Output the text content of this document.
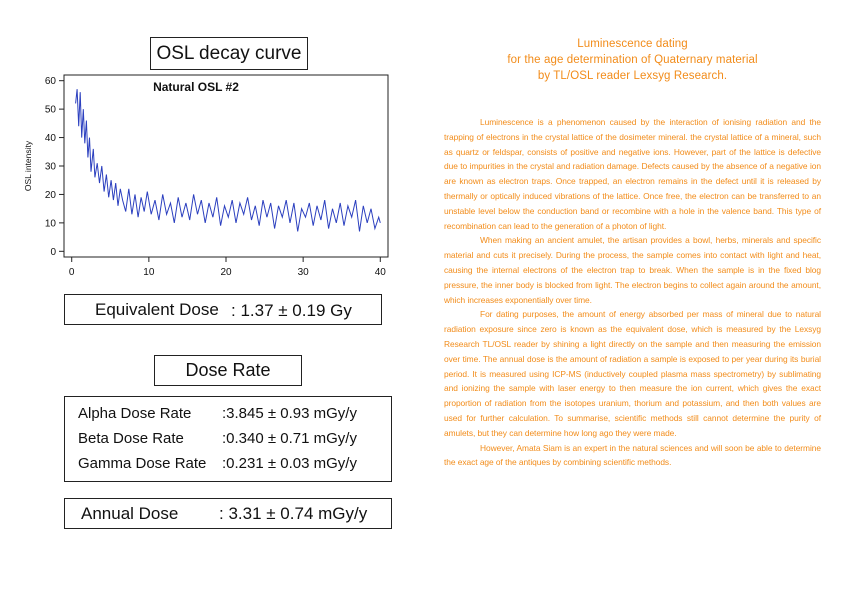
OSL decay curve
Natural OSL #2
0
10
20
30
40
50
60
0	10	20	30	40
OSL intensity
Equivalent Dose : 1.37 ± 0.19 Gy
Dose Rate
Alpha Dose Rate :3.845 ± 0.93 mGy/y
Beta Dose Rate	:0.340 ± 0.71 mGy/y
Gamma Dose Rate :0.231 ± 0.03 mGy/y
Annual Dose : 3.31 ± 0.74 mGy/y
Luminescence dating
for the age determination of Quaternary material
by TL/OSL reader Lexsyg Research.

Luminescence is a phenomenon caused by the interaction of ionising radiation and the trapping of electrons in the crystal lattice of the dosimeter mineral. the crystal lattice of a mineral, such as quartz or feldspar, consists of positive and negative ions. However, part of the lattice is defective due to impurities in the crystal and radiation damage. Defects caused by the absence of a negative ion are known as electron traps. Once trapped, an electron remains in the defect until it is released by thermally or optically induced vibrations of the lattice. Once free, the electron can be transferred to an unstable level below the conduction band or recombine with a hole in the valence band. This type of recombination can lead to the generation of a photon of light.

When making an ancient amulet, the artisan provides a bowl, herbs, minerals and specific material and cuts it precisely. During the process, the sample comes into contact with light and heat, causing the internal electrons of the electron trap to break. When the sample is in the fixed blog pressure, the inner body is blocked from light. The electron begins to collect again around the amount, which increases exponentially over time.

For dating purposes, the amount of energy absorbed per mass of mineral due to natural radiation exposure since zero is known as the equivalent dose, which is measured by the Lexsyg Research TL/OSL reader by shining a light directly on the sample and then measuring the emission over time. The annual dose is the amount of radiation a sample is exposed to per year during its burial period. It is measured using ICP-MS (inductively coupled plasma mass spectrometry) by sublimating and ionizing the sample with laser energy to then measure the ion current, which gives the exact proportion of radiation from the isotopes uranium, thorium and potassium, and then both values are used for further calculation. To summarise, scientific methods still cannot determine the purity of amulets, but they can determine how long ago they were made.

However, Amata Siam is an expert in the natural sciences and will soon be able to determine the exact age of the antiques by combining scientific methods.
